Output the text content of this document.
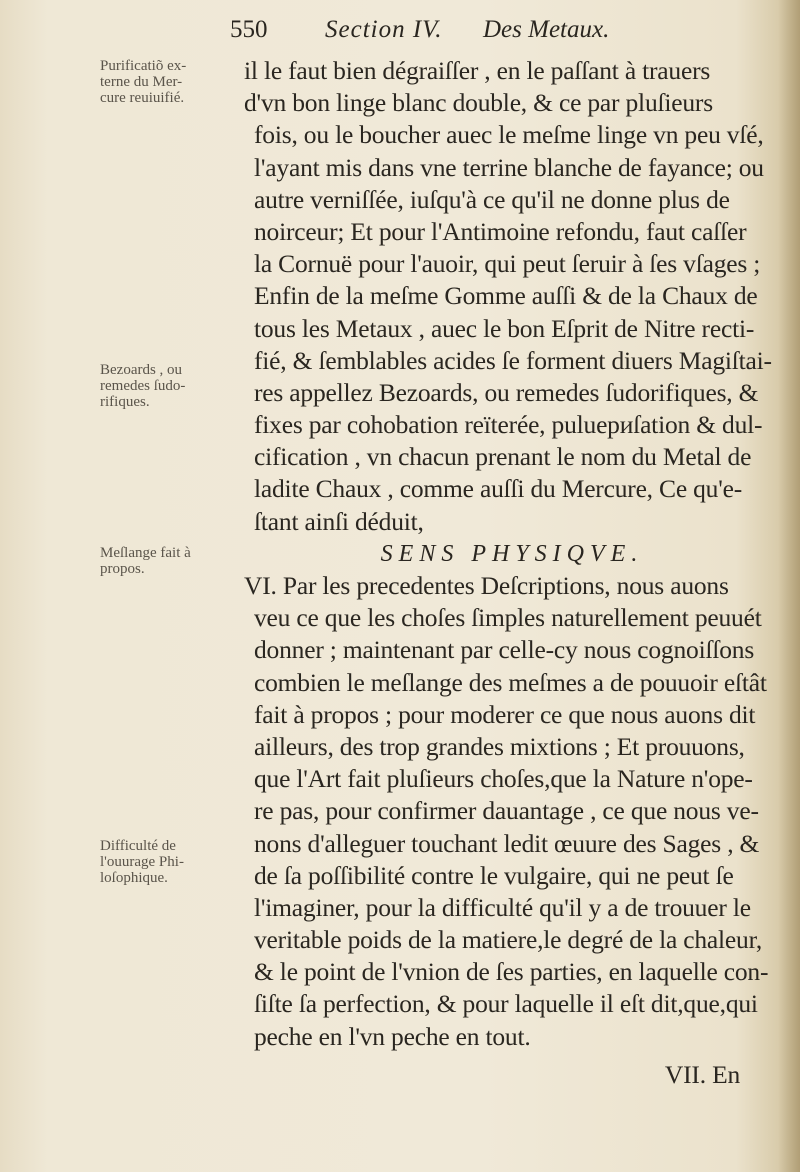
550 Section IV. Des Metaux.
Purificatiõ ex-
terne du Mer-
cure reuiuifié.
Bezoards , ou
remedes ſudo-
rifiques.
Meſlange fait à
propos.
Difficulté de
l'ouurage Phi-
loſophique.
il le faut bien dégraiſſer , en le paſſant à trauers
d'vn bon linge blanc double, & ce par pluſieurs
fois, ou le boucher auec le meſme linge vn peu vſé,
l'ayant mis dans vne terrine blanche de fayance; ou
autre verniſſée, iuſqu'à ce qu'il ne donne plus de
noirceur; Et pour l'Antimoine refondu, faut caſſer
la Cornuë pour l'auoir, qui peut ſeruir à ſes vſages ;
Enfin de la meſme Gomme auſſi & de la Chaux de
tous les Metaux , auec le bon Eſprit de Nitre recti-
fié, & ſemblables acides ſe forment diuers Magiſtai-
res appellez Bezoards, ou remedes ſudorifiques, &
fixes par cohobation reïterée, puluериſation & dul-
cification , vn chacun prenant le nom du Metal de
ladite Chaux , comme auſſi du Mercure, Ce qu'e-
ſtant ainſi déduit,
SENS PHYSIQVE.
VI. Par les precedentes Deſcriptions, nous auons
veu ce que les choſes ſimples naturellement peuuét
donner ; maintenant par celle-cy nous cognoiſſons
combien le meſlange des meſmes a de pouuoir eſtât
fait à propos ; pour moderer ce que nous auons dit
ailleurs, des trop grandes mixtions ; Et prouuons,
que l'Art fait pluſieurs choſes,que la Nature n'ope-
re pas, pour confirmer dauantage , ce que nous ve-
nons d'alleguer touchant ledit œuure des Sages , &
de ſa poſſibilité contre le vulgaire, qui ne peut ſe
l'imaginer, pour la difficulté qu'il y a de trouuer le
veritable poids de la matiere,le degré de la chaleur,
& le point de l'vnion de ſes parties, en laquelle con-
ſiſte ſa perfection, & pour laquelle il eſt dit,que,qui
peche en l'vn peche en tout.
VII. En
